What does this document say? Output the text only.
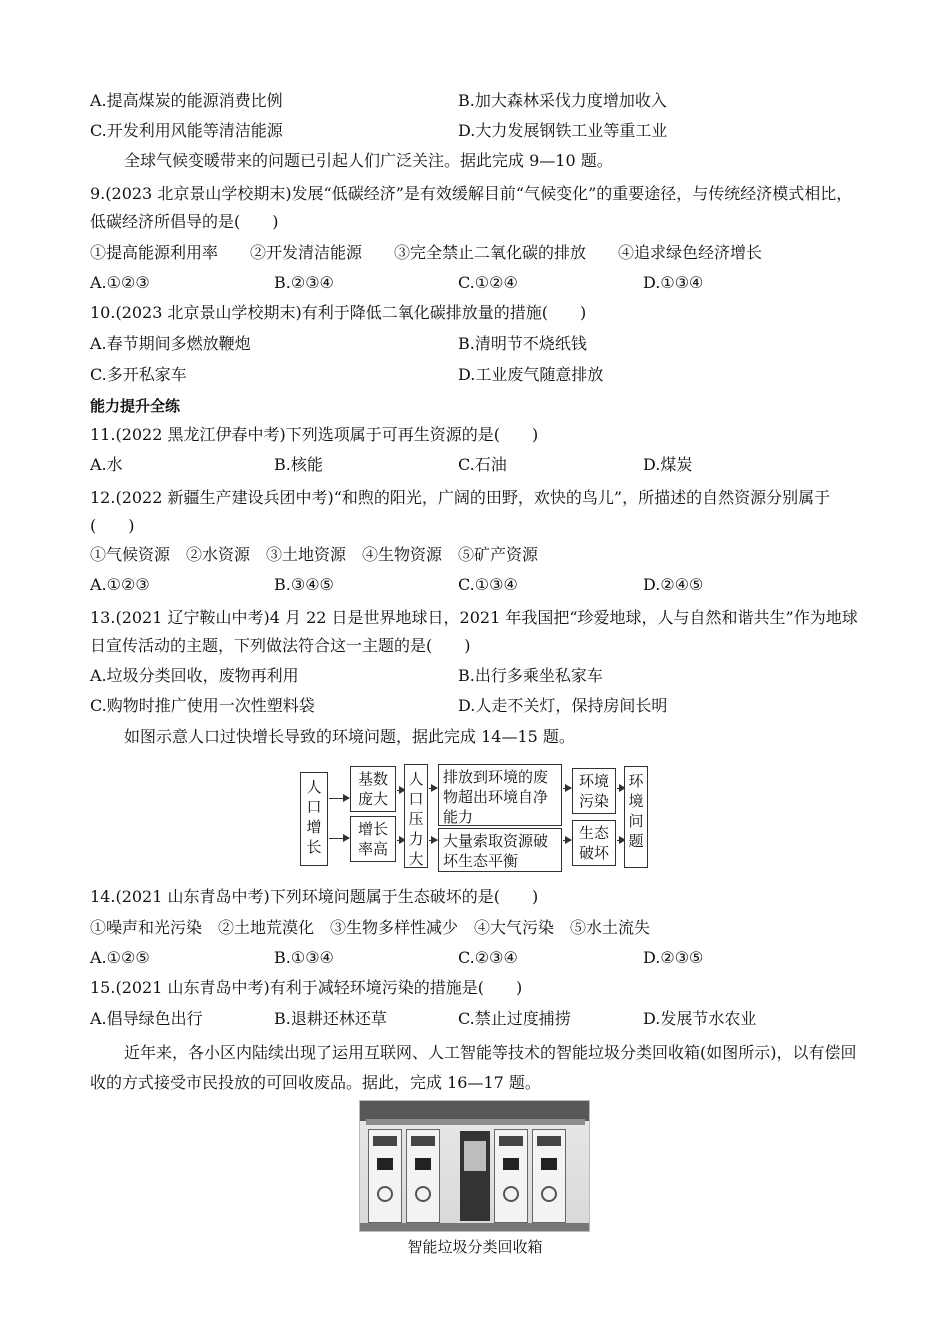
A.提高煤炭的能源消费比例	B.加大森林采伐力度增加收入
C.开发利用风能等清洁能源	D.大力发展钢铁工业等重工业
全球气候变暖带来的问题已引起人们广泛关注。据此完成 9—10 题。
9.(2023 北京景山学校期末)发展“低碳经济”是有效缓解目前“气候变化”的重要途径，与传统经济模式相比，低碳经济所倡导的是(　　)
①提高能源利用率　　②开发清洁能源　　③完全禁止二氧化碳的排放　　④追求绿色经济增长
A.①②③	B.②③④	C.①②④	D.①③④
10.(2023 北京景山学校期末)有利于降低二氧化碳排放量的措施(　　)
A.春节期间多燃放鞭炮	B.清明节不烧纸钱
C.多开私家车	D.工业废气随意排放
能力提升全练
11.(2022 黑龙江伊春中考)下列选项属于可再生资源的是(　　)
A.水	B.核能	C.石油	D.煤炭
12.(2022 新疆生产建设兵团中考)“和煦的阳光，广阔的田野，欢快的鸟儿”，所描述的自然资源分别属于(　　)
①气候资源　②水资源　③土地资源　④生物资源　⑤矿产资源
A.①②③	B.③④⑤	C.①③④	D.②④⑤
13.(2021 辽宁鞍山中考)4 月 22 日是世界地球日，2021 年我国把“珍爱地球，人与自然和谐共生”作为地球日宣传活动的主题，下列做法符合这一主题的是(　　)
A.垃圾分类回收，废物再利用	B.出行多乘坐私家车
C.购物时推广使用一次性塑料袋	D.人走不关灯，保持房间长明
如图示意人口过快增长导致的环境问题，据此完成 14—15 题。
人口增长
基数庞大
增长率高
人口压力大
排放到环境的废物超出环境自净能力
大量索取资源破坏生态平衡
环境污染
生态破坏
环境问题
14.(2021 山东青岛中考)下列环境问题属于生态破坏的是(　　)
①噪声和光污染　②土地荒漠化　③生物多样性减少　④大气污染　⑤水土流失
A.①②⑤	B.①③④	C.②③④	D.②③⑤
15.(2021 山东青岛中考)有利于减轻环境污染的措施是(　　)
A.倡导绿色出行	B.退耕还林还草	C.禁止过度捕捞	D.发展节水农业
近年来，各小区内陆续出现了运用互联网、人工智能等技术的智能垃圾分类回收箱(如图所示)，以有偿回收的方式接受市民投放的可回收废品。据此，完成 16—17 题。
智能垃圾分类回收箱
